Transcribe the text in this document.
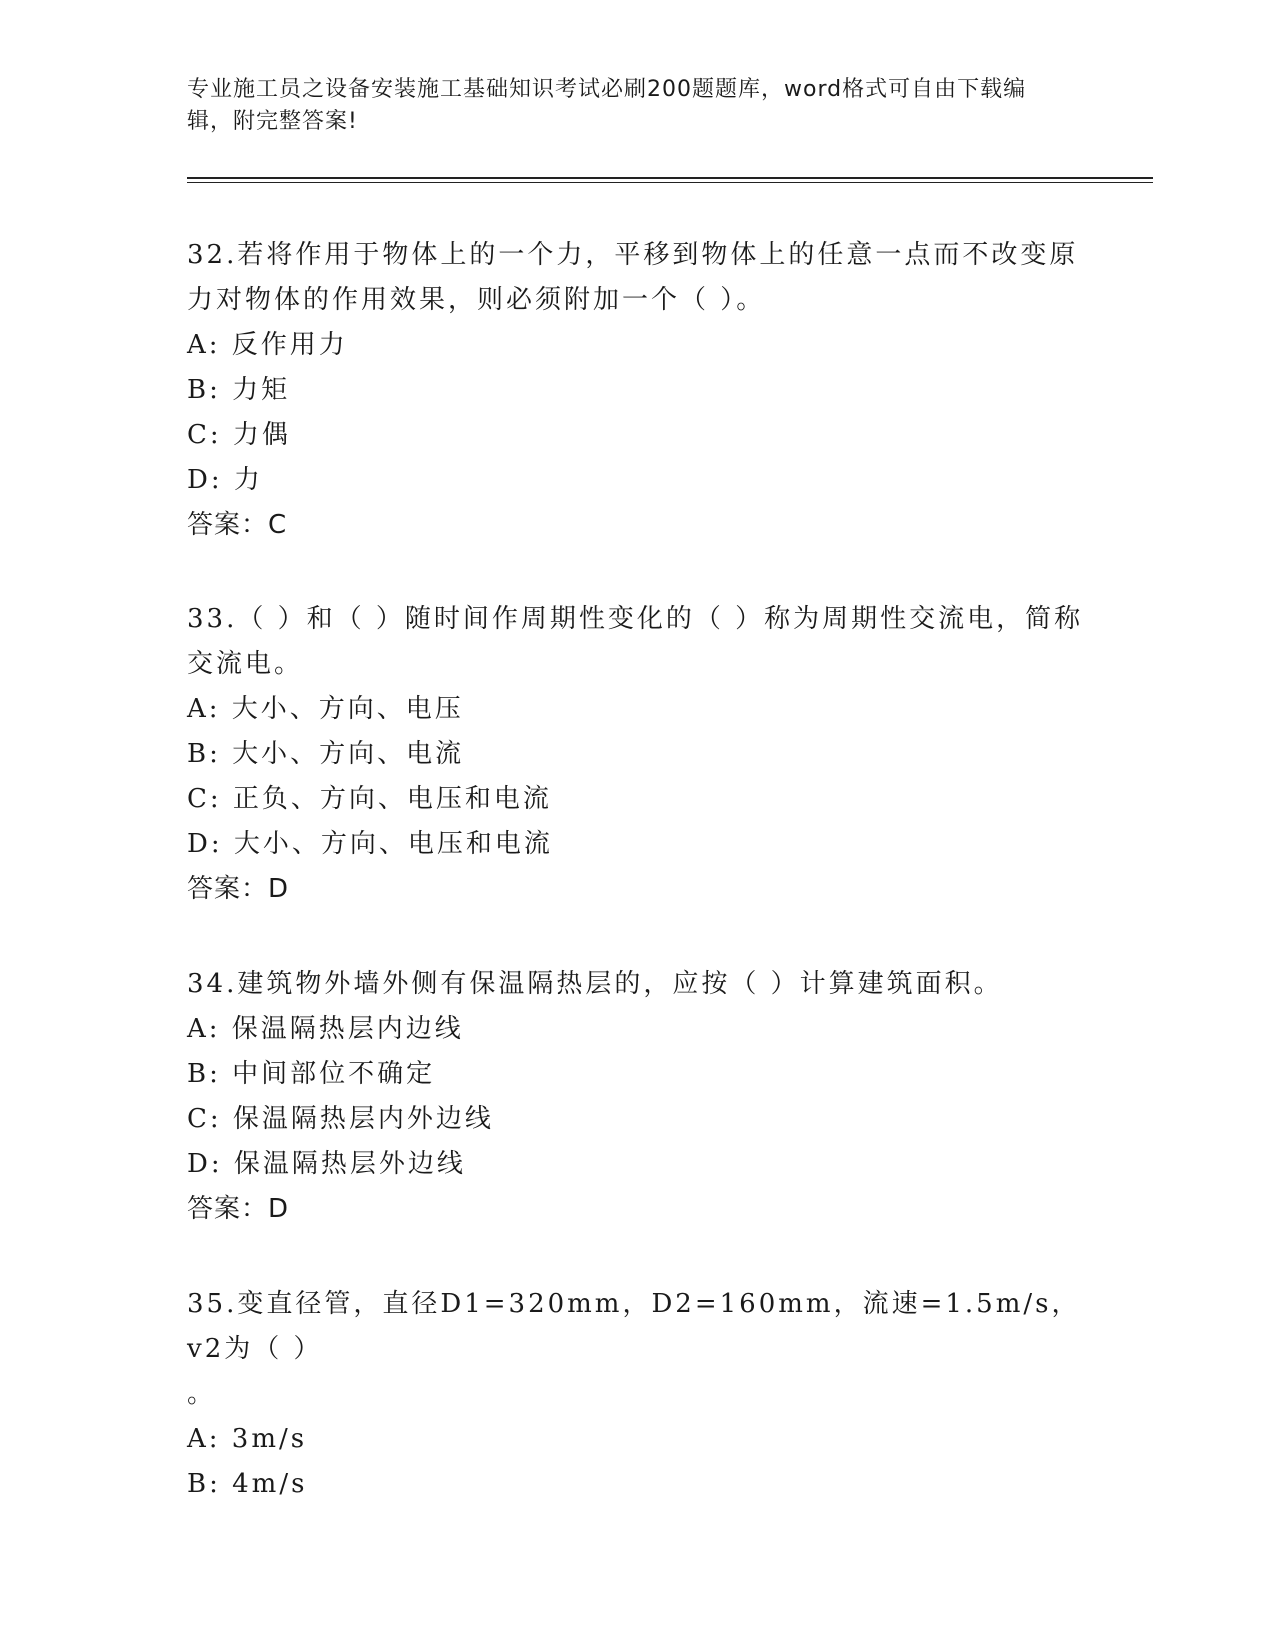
专业施工员之设备安装施工基础知识考试必刷200题题库，word格式可自由下载编辑，附完整答案!

32.若将作用于物体上的一个力，平移到物体上的任意一点而不改变原力对物体的作用效果，则必须附加一个（ ）。

A: 反作用力

B: 力矩

C: 力偶

D: 力

答案：C

33.（ ）和（ ）随时间作周期性变化的（ ）称为周期性交流电，简称交流电。

A: 大小、方向、电压

B: 大小、方向、电流

C: 正负、方向、电压和电流

D: 大小、方向、电压和电流

答案：D

34.建筑物外墙外侧有保温隔热层的，应按（ ）计算建筑面积。

A: 保温隔热层内边线

B: 中间部位不确定

C: 保温隔热层内外边线

D: 保温隔热层外边线

答案：D

35.变直径管，直径D1=320mm，D2=160mm，流速=1.5m/s，v2为（ ）

。

A: 3m/s

B: 4m/s
